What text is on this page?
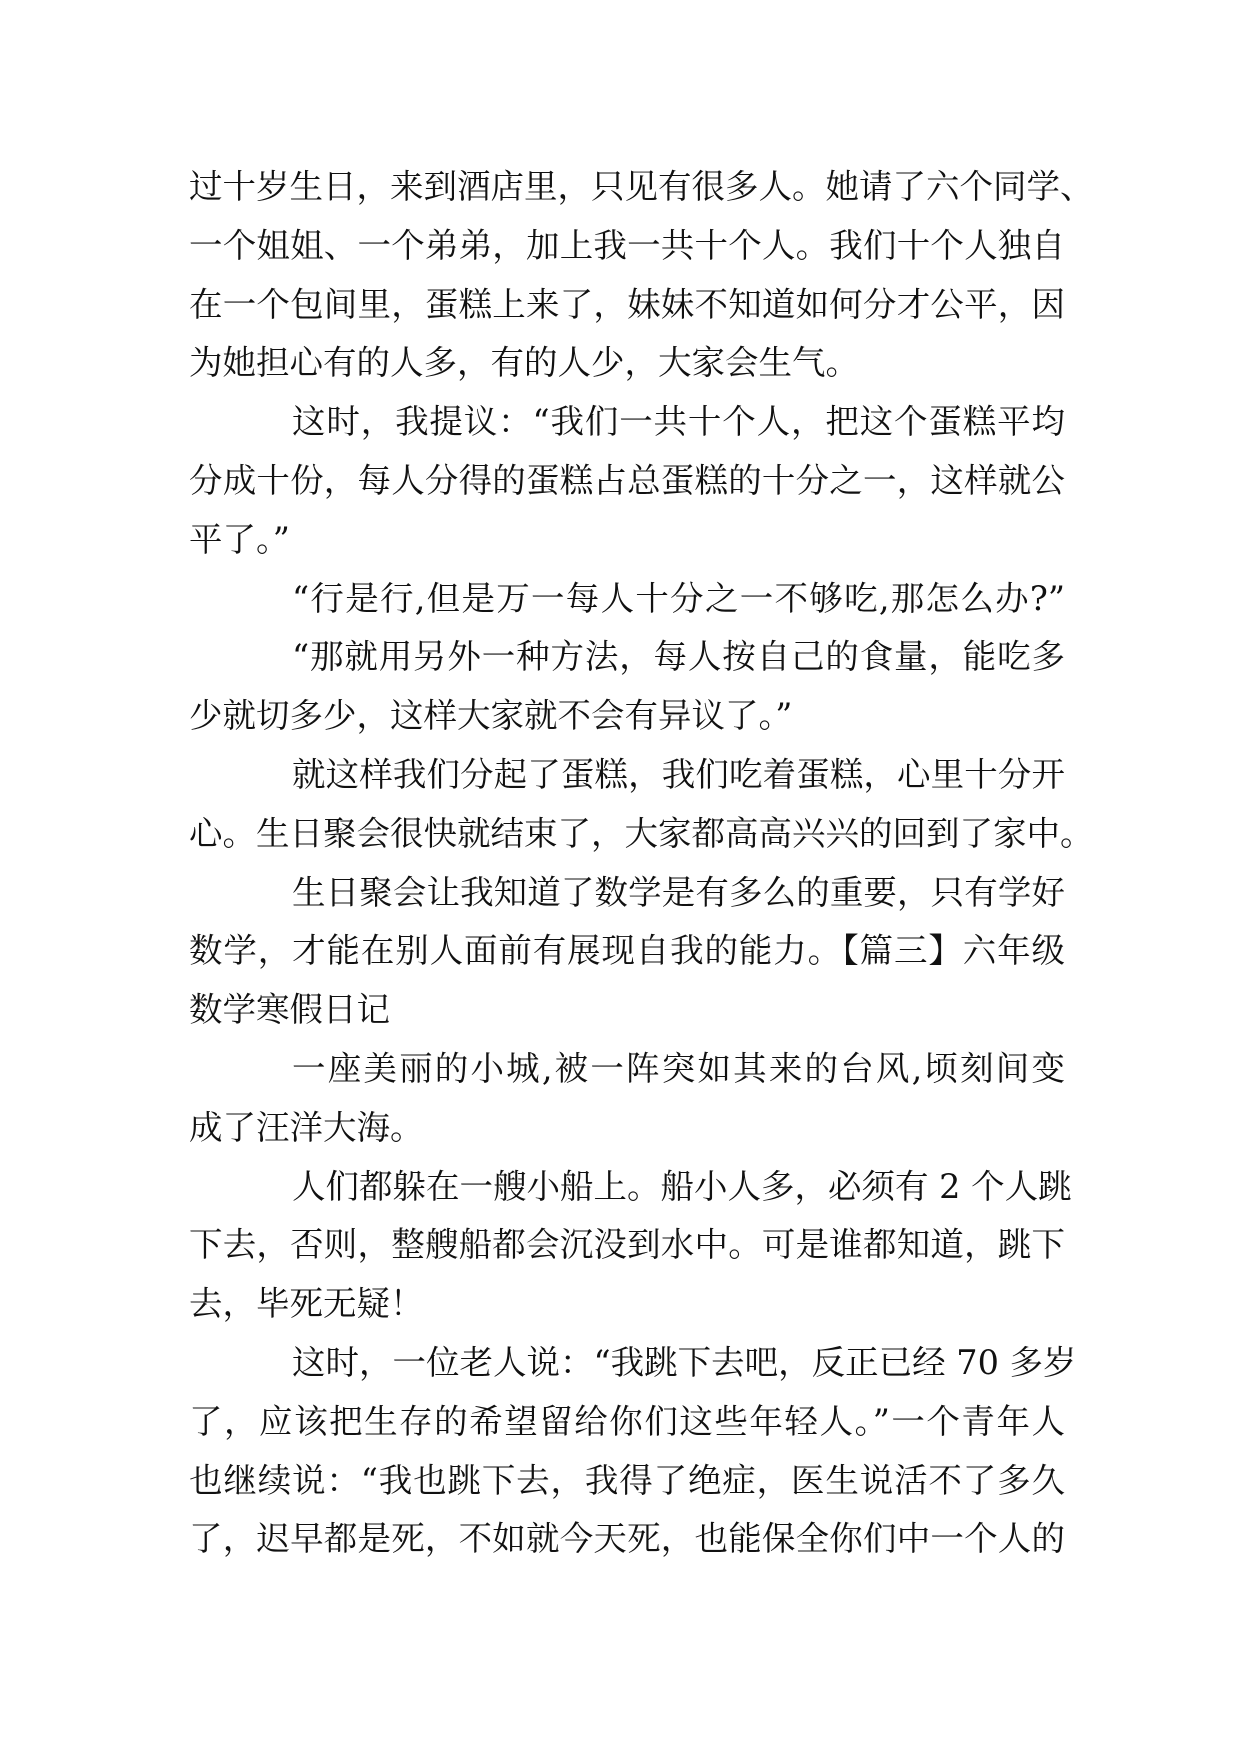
过十岁生日，来到酒店里，只见有很多人。她请了六个同学、
一个姐姐、一个弟弟，加上我一共十个人。我们十个人独自
在一个包间里，蛋糕上来了，妹妹不知道如何分才公平，因
为她担心有的人多，有的人少，大家会生气。
这时，我提议：“我们一共十个人，把这个蛋糕平均
分成十份，每人分得的蛋糕占总蛋糕的十分之一，这样就公
平了。”
“行是行,但是万一每人十分之一不够吃,那怎么办?”
“那就用另外一种方法，每人按自己的食量，能吃多
少就切多少，这样大家就不会有异议了。”
就这样我们分起了蛋糕，我们吃着蛋糕，心里十分开
心。生日聚会很快就结束了，大家都高高兴兴的回到了家中。
生日聚会让我知道了数学是有多么的重要，只有学好
数学，才能在别人面前有展现自我的能力。【篇三】六年级
数学寒假日记
一座美丽的小城,被一阵突如其来的台风,顷刻间变
成了汪洋大海。
人们都躲在一艘小船上。船小人多，必须有 2 个人跳
下去，否则，整艘船都会沉没到水中。可是谁都知道，跳下
去，毕死无疑！
这时，一位老人说：“我跳下去吧，反正已经 70 多岁
了，应该把生存的希望留给你们这些年轻人。”一个青年人
也继续说：“我也跳下去，我得了绝症，医生说活不了多久
了，迟早都是死，不如就今天死，也能保全你们中一个人的
